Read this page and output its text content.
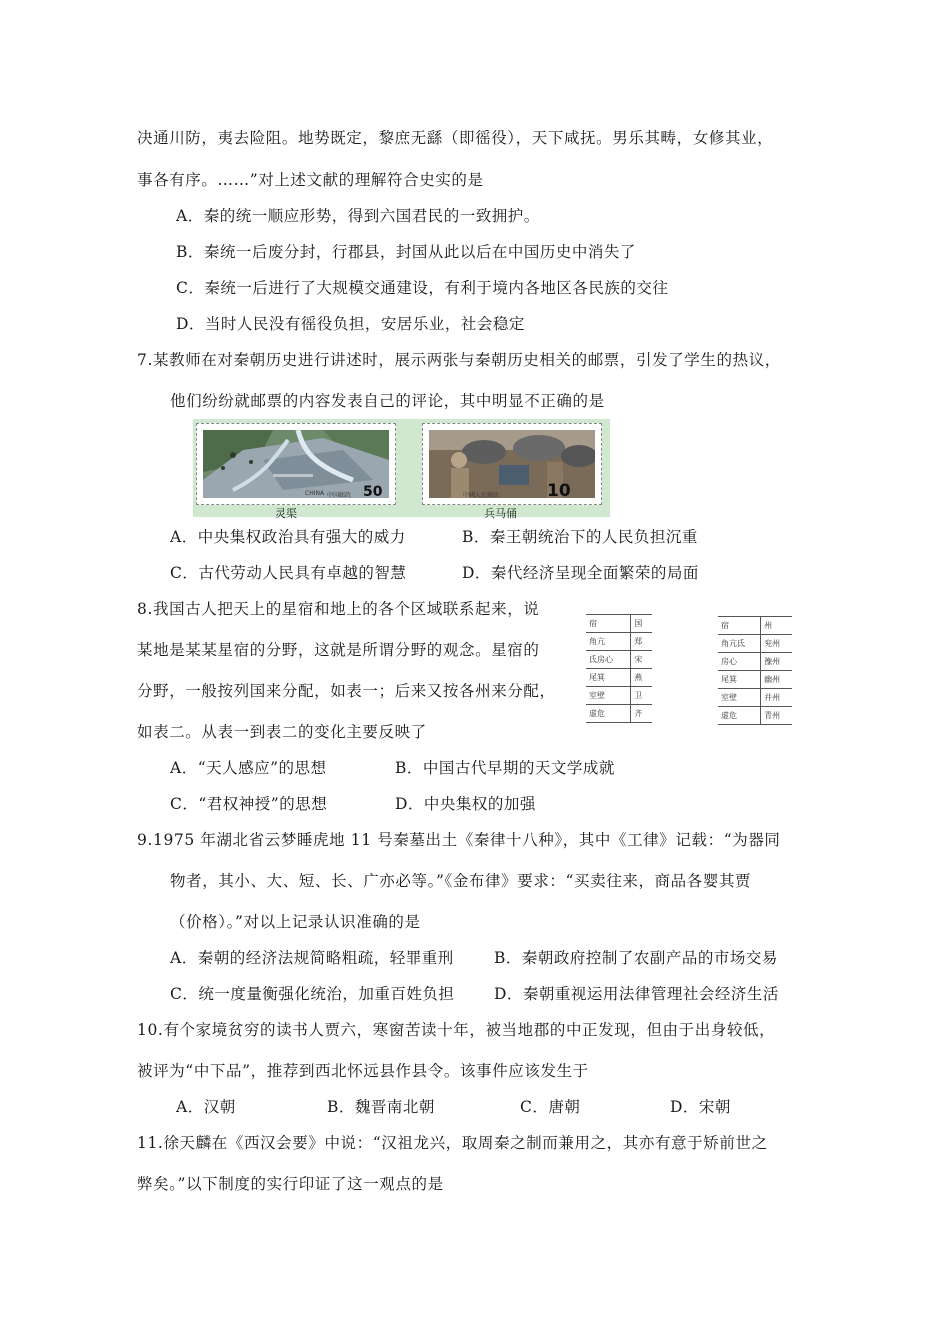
决通川防，夷去险阻。地势既定，黎庶无繇（即徭役），天下咸抚。男乐其畴，女修其业，
事各有序。……”对上述文献的理解符合史实的是
A．秦的统一顺应形势，得到六国君民的一致拥护。
B．秦统一后废分封，行郡县，封国从此以后在中国历史中消失了
C．秦统一后进行了大规模交通建设，有利于境内各地区各民族的交往
D．当时人民没有徭役负担，安居乐业，社会稳定
7.某教师在对秦朝历史进行讲述时，展示两张与秦朝历史相关的邮票，引发了学生的热议，
他们纷纷就邮票的内容发表自己的评论，其中明显不正确的是
CHINA 中国邮政 50
灵渠
中國人民郵政	10
兵马俑
A．中央集权政治具有强大的威力	B．秦王朝统治下的人民负担沉重
C．古代劳动人民具有卓越的智慧	D．秦代经济呈现全面繁荣的局面
8.我国古人把天上的星宿和地上的各个区域联系起来，说
某地是某某星宿的分野，这就是所谓分野的观念。星宿的
分野，一般按列国来分配，如表一；后来又按各州来分配，
如表二。从表一到表二的变化主要反映了
宿	国
角亢	郑
氐房心	宋
尾箕	燕
室壁	卫
虚危	齐
宿	州
角亢氐	兖州
房心	豫州
尾箕	幽州
室壁	并州
虚危	青州
A．“天人感应”的思想	B．中国古代早期的天文学成就
C．“君权神授”的思想	D．中央集权的加强
9.1975 年湖北省云梦睡虎地 11 号秦墓出土《秦律十八种》，其中《工律》记载：“为器同
物者，其小、大、短、长、广亦必等。”《金布律》要求：“买卖往来，商品各婴其贾
（价格）。”对以上记录认识准确的是
A．秦朝的经济法规简略粗疏，轻罪重刑	B．秦朝政府控制了农副产品的市场交易
C．统一度量衡强化统治，加重百姓负担	D．秦朝重视运用法律管理社会经济生活
10.有个家境贫穷的读书人贾六，寒窗苦读十年，被当地郡的中正发现，但由于出身较低，
被评为“中下品”，推荐到西北怀远县作县令。该事件应该发生于
A．汉朝	B．魏晋南北朝	C．唐朝	D．宋朝
11.徐天麟在《西汉会要》中说：“汉祖龙兴，取周秦之制而兼用之，其亦有意于矫前世之
弊矣。”以下制度的实行印证了这一观点的是
